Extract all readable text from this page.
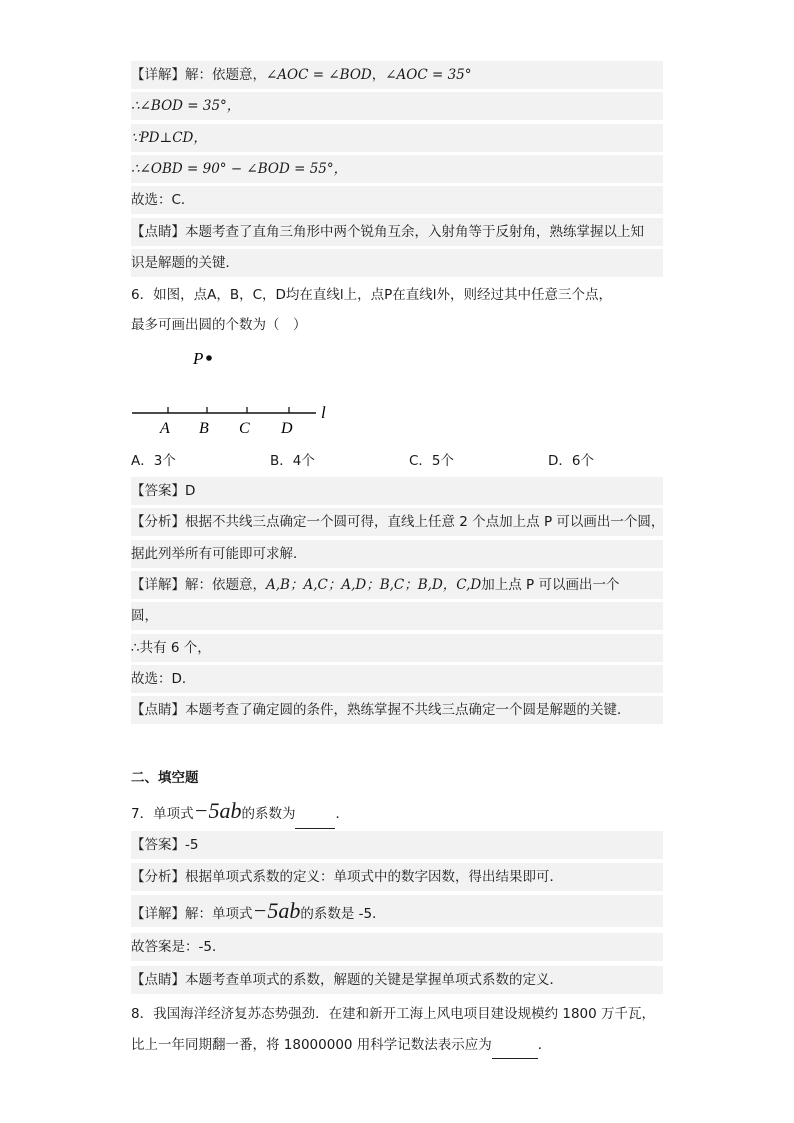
【详解】解：依题意，∠AOC = ∠BOD，∠AOC = 35°
∴∠BOD = 35°，
∵PD⊥CD，
∴∠OBD = 90° − ∠BOD = 55°，
故选：C．
【点睛】本题考查了直角三角形中两个锐角互余，入射角等于反射角，熟练掌握以上知
识是解题的关键．
6．如图，点A，B，C，D均在直线l上，点P在直线l外，则经过其中任意三个点，
最多可画出圆的个数为（　）
P
l
A B C D
A．3个	B．4个	C．5个	D．6个
【答案】D
【分析】根据不共线三点确定一个圆可得，直线上任意 2 个点加上点 P 可以画出一个圆，
据此列举所有可能即可求解．
【详解】解：依题意，A,B；A,C；A,D；B,C；B,D，C,D加上点 P 可以画出一个
圆，
∴共有 6 个，
故选：D．
【点睛】本题考查了确定圆的条件，熟练掌握不共线三点确定一个圆是解题的关键．
二、填空题
7．单项式−5ab的系数为	．
【答案】-5
【分析】根据单项式系数的定义：单项式中的数字因数，得出结果即可．
【详解】解：单项式−5ab的系数是 -5．
故答案是：-5．
【点睛】本题考查单项式的系数，解题的关键是掌握单项式系数的定义．
8．我国海洋经济复苏态势强劲．在建和新开工海上风电项目建设规模约 1800 万千瓦，
比上一年同期翻一番，将 18000000 用科学记数法表示应为	．
